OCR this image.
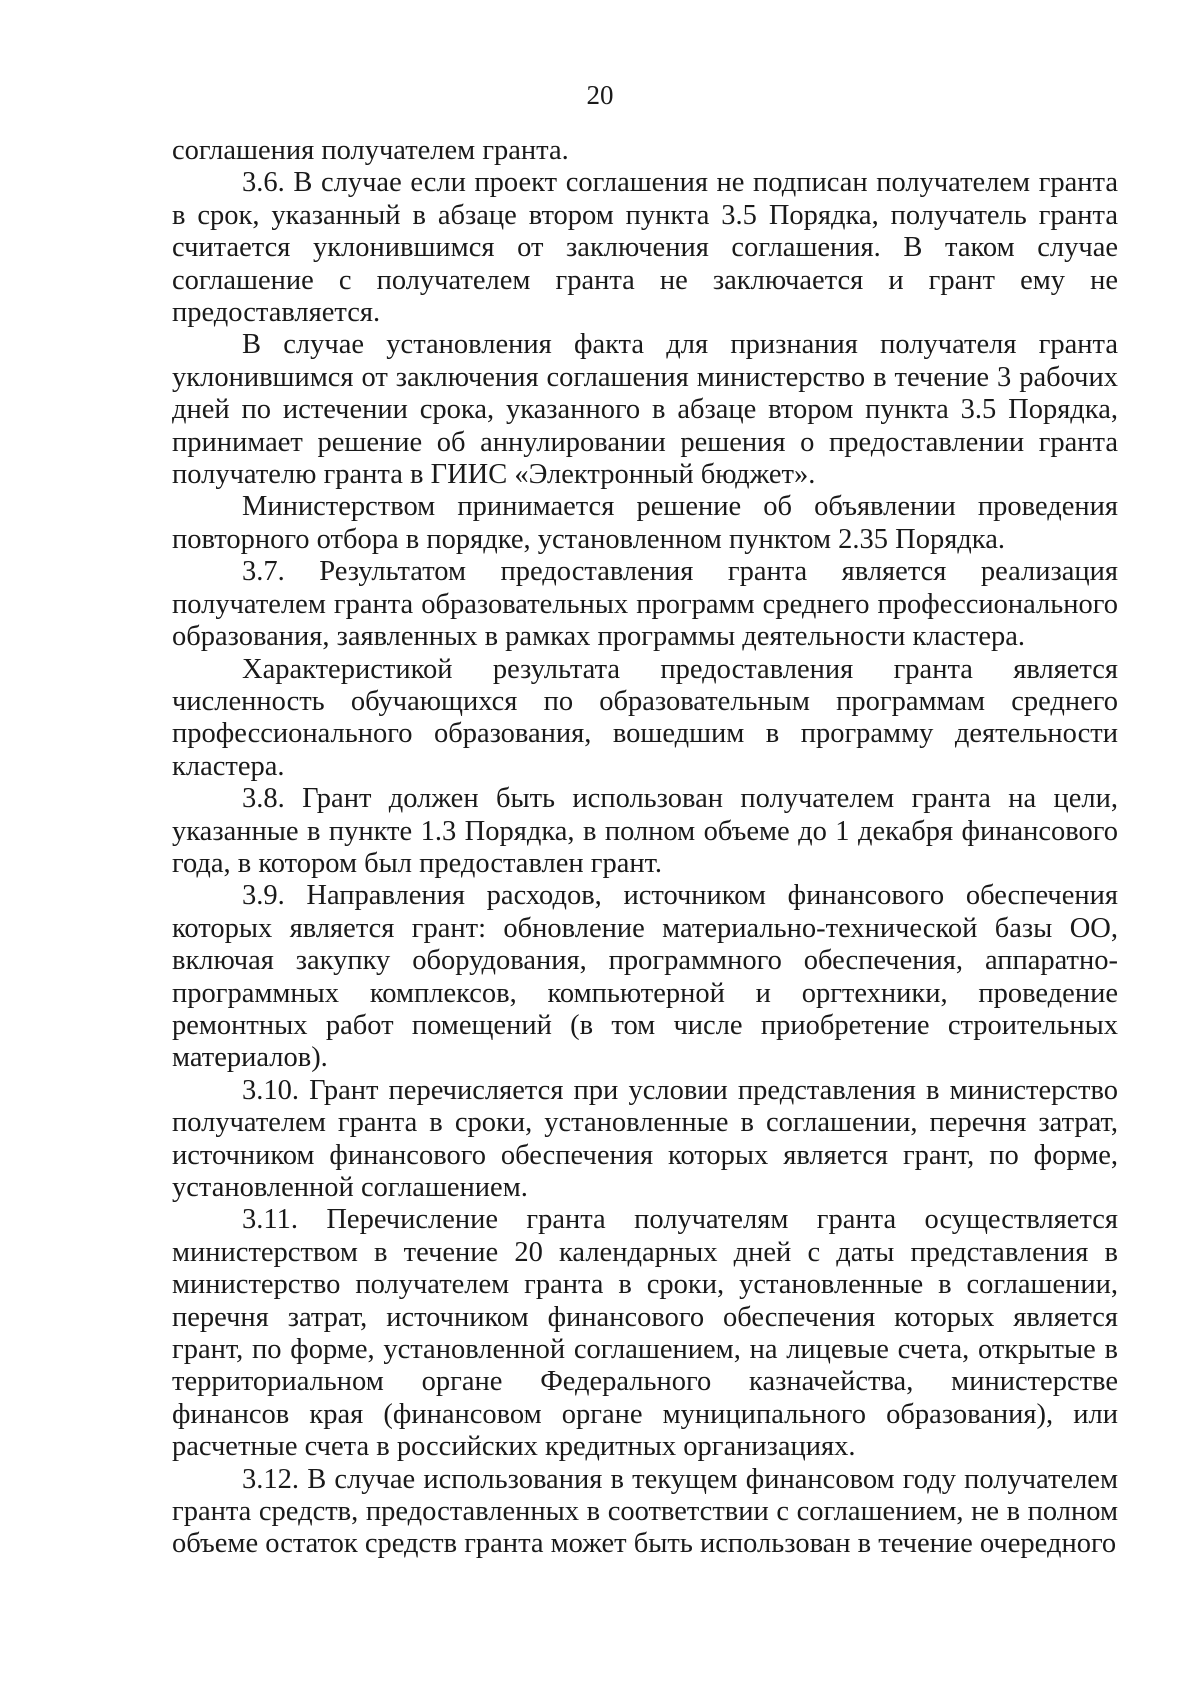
20

соглашения получателем гранта.

3.6. В случае если проект соглашения не подписан получателем гранта в срок, указанный в абзаце втором пункта 3.5 Порядка, получатель гранта считается уклонившимся от заключения соглашения. В таком случае соглашение с получателем гранта не заключается и грант ему не предоставляется.

В случае установления факта для признания получателя гранта уклонившимся от заключения соглашения министерство в течение 3 рабочих дней по истечении срока, указанного в абзаце втором пункта 3.5 Порядка, принимает решение об аннулировании решения о предоставлении гранта получателю гранта в ГИИС «Электронный бюджет».

Министерством принимается решение об объявлении проведения повторного отбора в порядке, установленном пунктом 2.35 Порядка.

3.7. Результатом предоставления гранта является реализация получателем гранта образовательных программ среднего профессионального образования, заявленных в рамках программы деятельности кластера.

Характеристикой результата предоставления гранта является численность обучающихся по образовательным программам среднего профессионального образования, вошедшим в программу деятельности кластера.

3.8. Грант должен быть использован получателем гранта на цели, указанные в пункте 1.3 Порядка, в полном объеме до 1 декабря финансового года, в котором был предоставлен грант.

3.9. Направления расходов, источником финансового обеспечения которых является грант: обновление материально-технической базы ОО, включая закупку оборудования, программного обеспечения, аппаратно-программных комплексов, компьютерной и оргтехники, проведение ремонтных работ помещений (в том числе приобретение строительных материалов).

3.10. Грант перечисляется при условии представления в министерство получателем гранта в сроки, установленные в соглашении, перечня затрат, источником финансового обеспечения которых является грант, по форме, установленной соглашением.

3.11. Перечисление гранта получателям гранта осуществляется министерством в течение 20 календарных дней с даты представления в министерство получателем гранта в сроки, установленные в соглашении, перечня затрат, источником финансового обеспечения которых является грант, по форме, установленной соглашением, на лицевые счета, открытые в территориальном органе Федерального казначейства, министерстве финансов края (финансовом органе муниципального образования), или расчетные счета в российских кредитных организациях.

3.12. В случае использования в текущем финансовом году получателем гранта средств, предоставленных в соответствии с соглашением, не в полном объеме остаток средств гранта может быть использован в течение очередного
